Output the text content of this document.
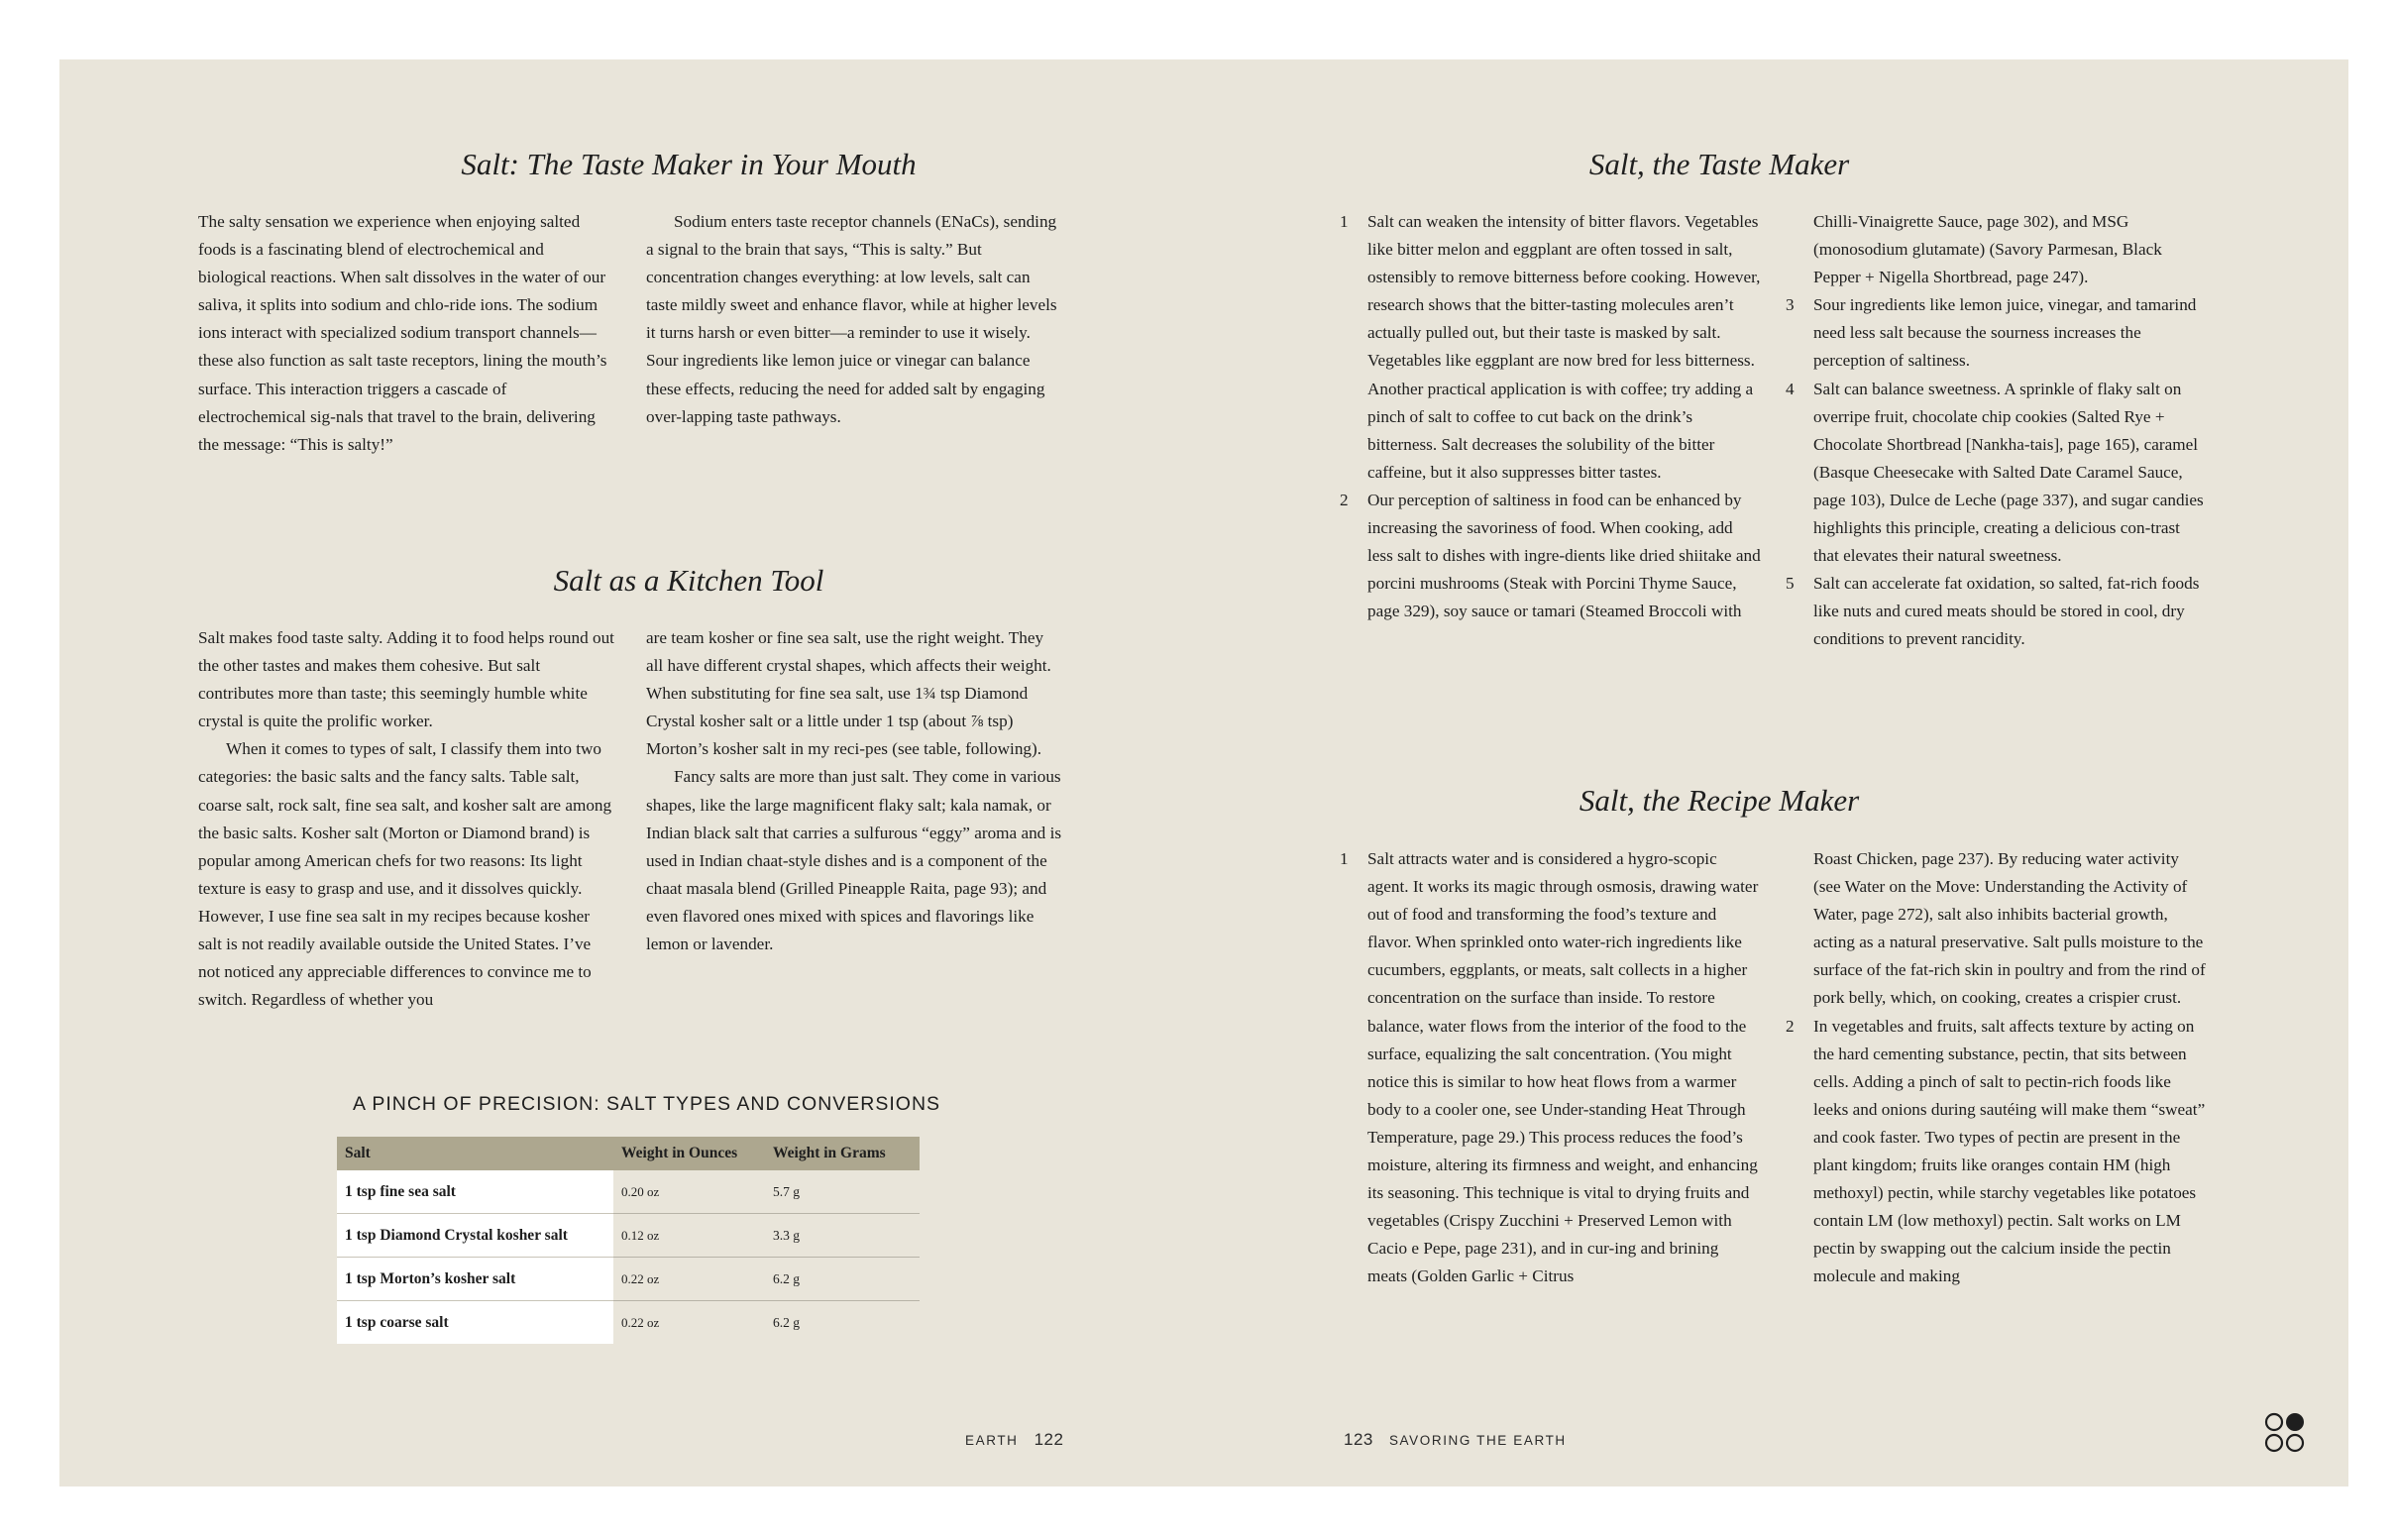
Salt: The Taste Maker in Your Mouth

The salty sensation we experience when enjoying salted foods is a fascinating blend of electrochemical and biological reactions. When salt dissolves in the water of our saliva, it splits into sodium and chlo-ride ions. The sodium ions interact with specialized sodium transport channels—these also function as salt taste receptors, lining the mouth’s surface. This interaction triggers a cascade of electrochemical sig-nals that travel to the brain, delivering the message: “This is salty!”

Sodium enters taste receptor channels (ENaCs), sending a signal to the brain that says, “This is salty.” But concentration changes everything: at low levels, salt can taste mildly sweet and enhance flavor, while at higher levels it turns harsh or even bitter—a reminder to use it wisely. Sour ingredients like lemon juice or vinegar can balance these effects, reducing the need for added salt by engaging over-lapping taste pathways.

Salt as a Kitchen Tool

Salt makes food taste salty. Adding it to food helps round out the other tastes and makes them cohesive. But salt contributes more than taste; this seemingly humble white crystal is quite the prolific worker.

When it comes to types of salt, I classify them into two categories: the basic salts and the fancy salts. Table salt, coarse salt, rock salt, fine sea salt, and kosher salt are among the basic salts. Kosher salt (Morton or Diamond brand) is popular among American chefs for two reasons: Its light texture is easy to grasp and use, and it dissolves quickly. However, I use fine sea salt in my recipes because kosher salt is not readily available outside the United States. I’ve not noticed any appreciable differences to convince me to switch. Regardless of whether you

are team kosher or fine sea salt, use the right weight. They all have different crystal shapes, which affects their weight. When substituting for fine sea salt, use 1¾ tsp Diamond Crystal kosher salt or a little under 1 tsp (about ⅞ tsp) Morton’s kosher salt in my reci-pes (see table, following).

Fancy salts are more than just salt. They come in various shapes, like the large magnificent flaky salt; kala namak, or Indian black salt that carries a sulfurous “eggy” aroma and is used in Indian chaat-style dishes and is a component of the chaat masala blend (Grilled Pineapple Raita, page 93); and even flavored ones mixed with spices and flavorings like lemon or lavender.

A PINCH OF PRECISION: SALT TYPES AND CONVERSIONS
Salt	Weight in Ounces	Weight in Grams
1 tsp fine sea salt	0.20 oz	5.7 g
1 tsp Diamond Crystal kosher salt	0.12 oz	3.3 g
1 tsp Morton’s kosher salt	0.22 oz	6.2 g
1 tsp coarse salt	0.22 oz	6.2 g
EARTH 122
Salt, the Taste Maker
1 Salt can weaken the intensity of bitter flavors. Vegetables like bitter melon and eggplant are often tossed in salt, ostensibly to remove bitterness before cooking. However, research shows that the bitter-tasting molecules aren’t actually pulled out, but their taste is masked by salt. Vegetables like eggplant are now bred for less bitterness. Another practical application is with coffee; try adding a pinch of salt to coffee to cut back on the drink’s bitterness. Salt decreases the solubility of the bitter caffeine, but it also suppresses bitter tastes.
2 Our perception of saltiness in food can be enhanced by increasing the savoriness of food. When cooking, add less salt to dishes with ingre-dients like dried shiitake and porcini mushrooms (Steak with Porcini Thyme Sauce, page 329), soy sauce or tamari (Steamed Broccoli with

Chilli-Vinaigrette Sauce, page 302), and MSG (monosodium glutamate) (Savory Parmesan, Black Pepper + Nigella Shortbread, page 247).

3 Sour ingredients like lemon juice, vinegar, and tamarind need less salt because the sourness increases the perception of saltiness.
4 Salt can balance sweetness. A sprinkle of flaky salt on overripe fruit, chocolate chip cookies (Salted Rye + Chocolate Shortbread [Nankha-tais], page 165), caramel (Basque Cheesecake with Salted Date Caramel Sauce, page 103), Dulce de Leche (page 337), and sugar candies highlights this principle, creating a delicious con-trast that elevates their natural sweetness.
5 Salt can accelerate fat oxidation, so salted, fat-rich foods like nuts and cured meats should be stored in cool, dry conditions to prevent rancidity.
Salt, the Recipe Maker
1 Salt attracts water and is considered a hygro-scopic agent. It works its magic through osmosis, drawing water out of food and transforming the food’s texture and flavor. When sprinkled onto water-rich ingredients like cucumbers, eggplants, or meats, salt collects in a higher concentration on the surface than inside. To restore balance, water flows from the interior of the food to the surface, equalizing the salt concentration. (You might notice this is similar to how heat flows from a warmer body to a cooler one, see Under-standing Heat Through Temperature, page 29.) This process reduces the food’s moisture, altering its firmness and weight, and enhancing its seasoning. This technique is vital to drying fruits and vegetables (Crispy Zucchini + Preserved Lemon with Cacio e Pepe, page 231), and in cur-ing and brining meats (Golden Garlic + Citrus

Roast Chicken, page 237). By reducing water activity (see Water on the Move: Understanding the Activity of Water, page 272), salt also inhibits bacterial growth, acting as a natural preservative. Salt pulls moisture to the surface of the fat-rich skin in poultry and from the rind of pork belly, which, on cooking, creates a crispier crust.

2 In vegetables and fruits, salt affects texture by acting on the hard cementing substance, pectin, that sits between cells. Adding a pinch of salt to pectin-rich foods like leeks and onions during sautéing will make them “sweat” and cook faster. Two types of pectin are present in the plant kingdom; fruits like oranges contain HM (high methoxyl) pectin, while starchy vegetables like potatoes contain LM (low methoxyl) pectin. Salt works on LM pectin by swapping out the calcium inside the pectin molecule and making
123 SAVORING THE EARTH
